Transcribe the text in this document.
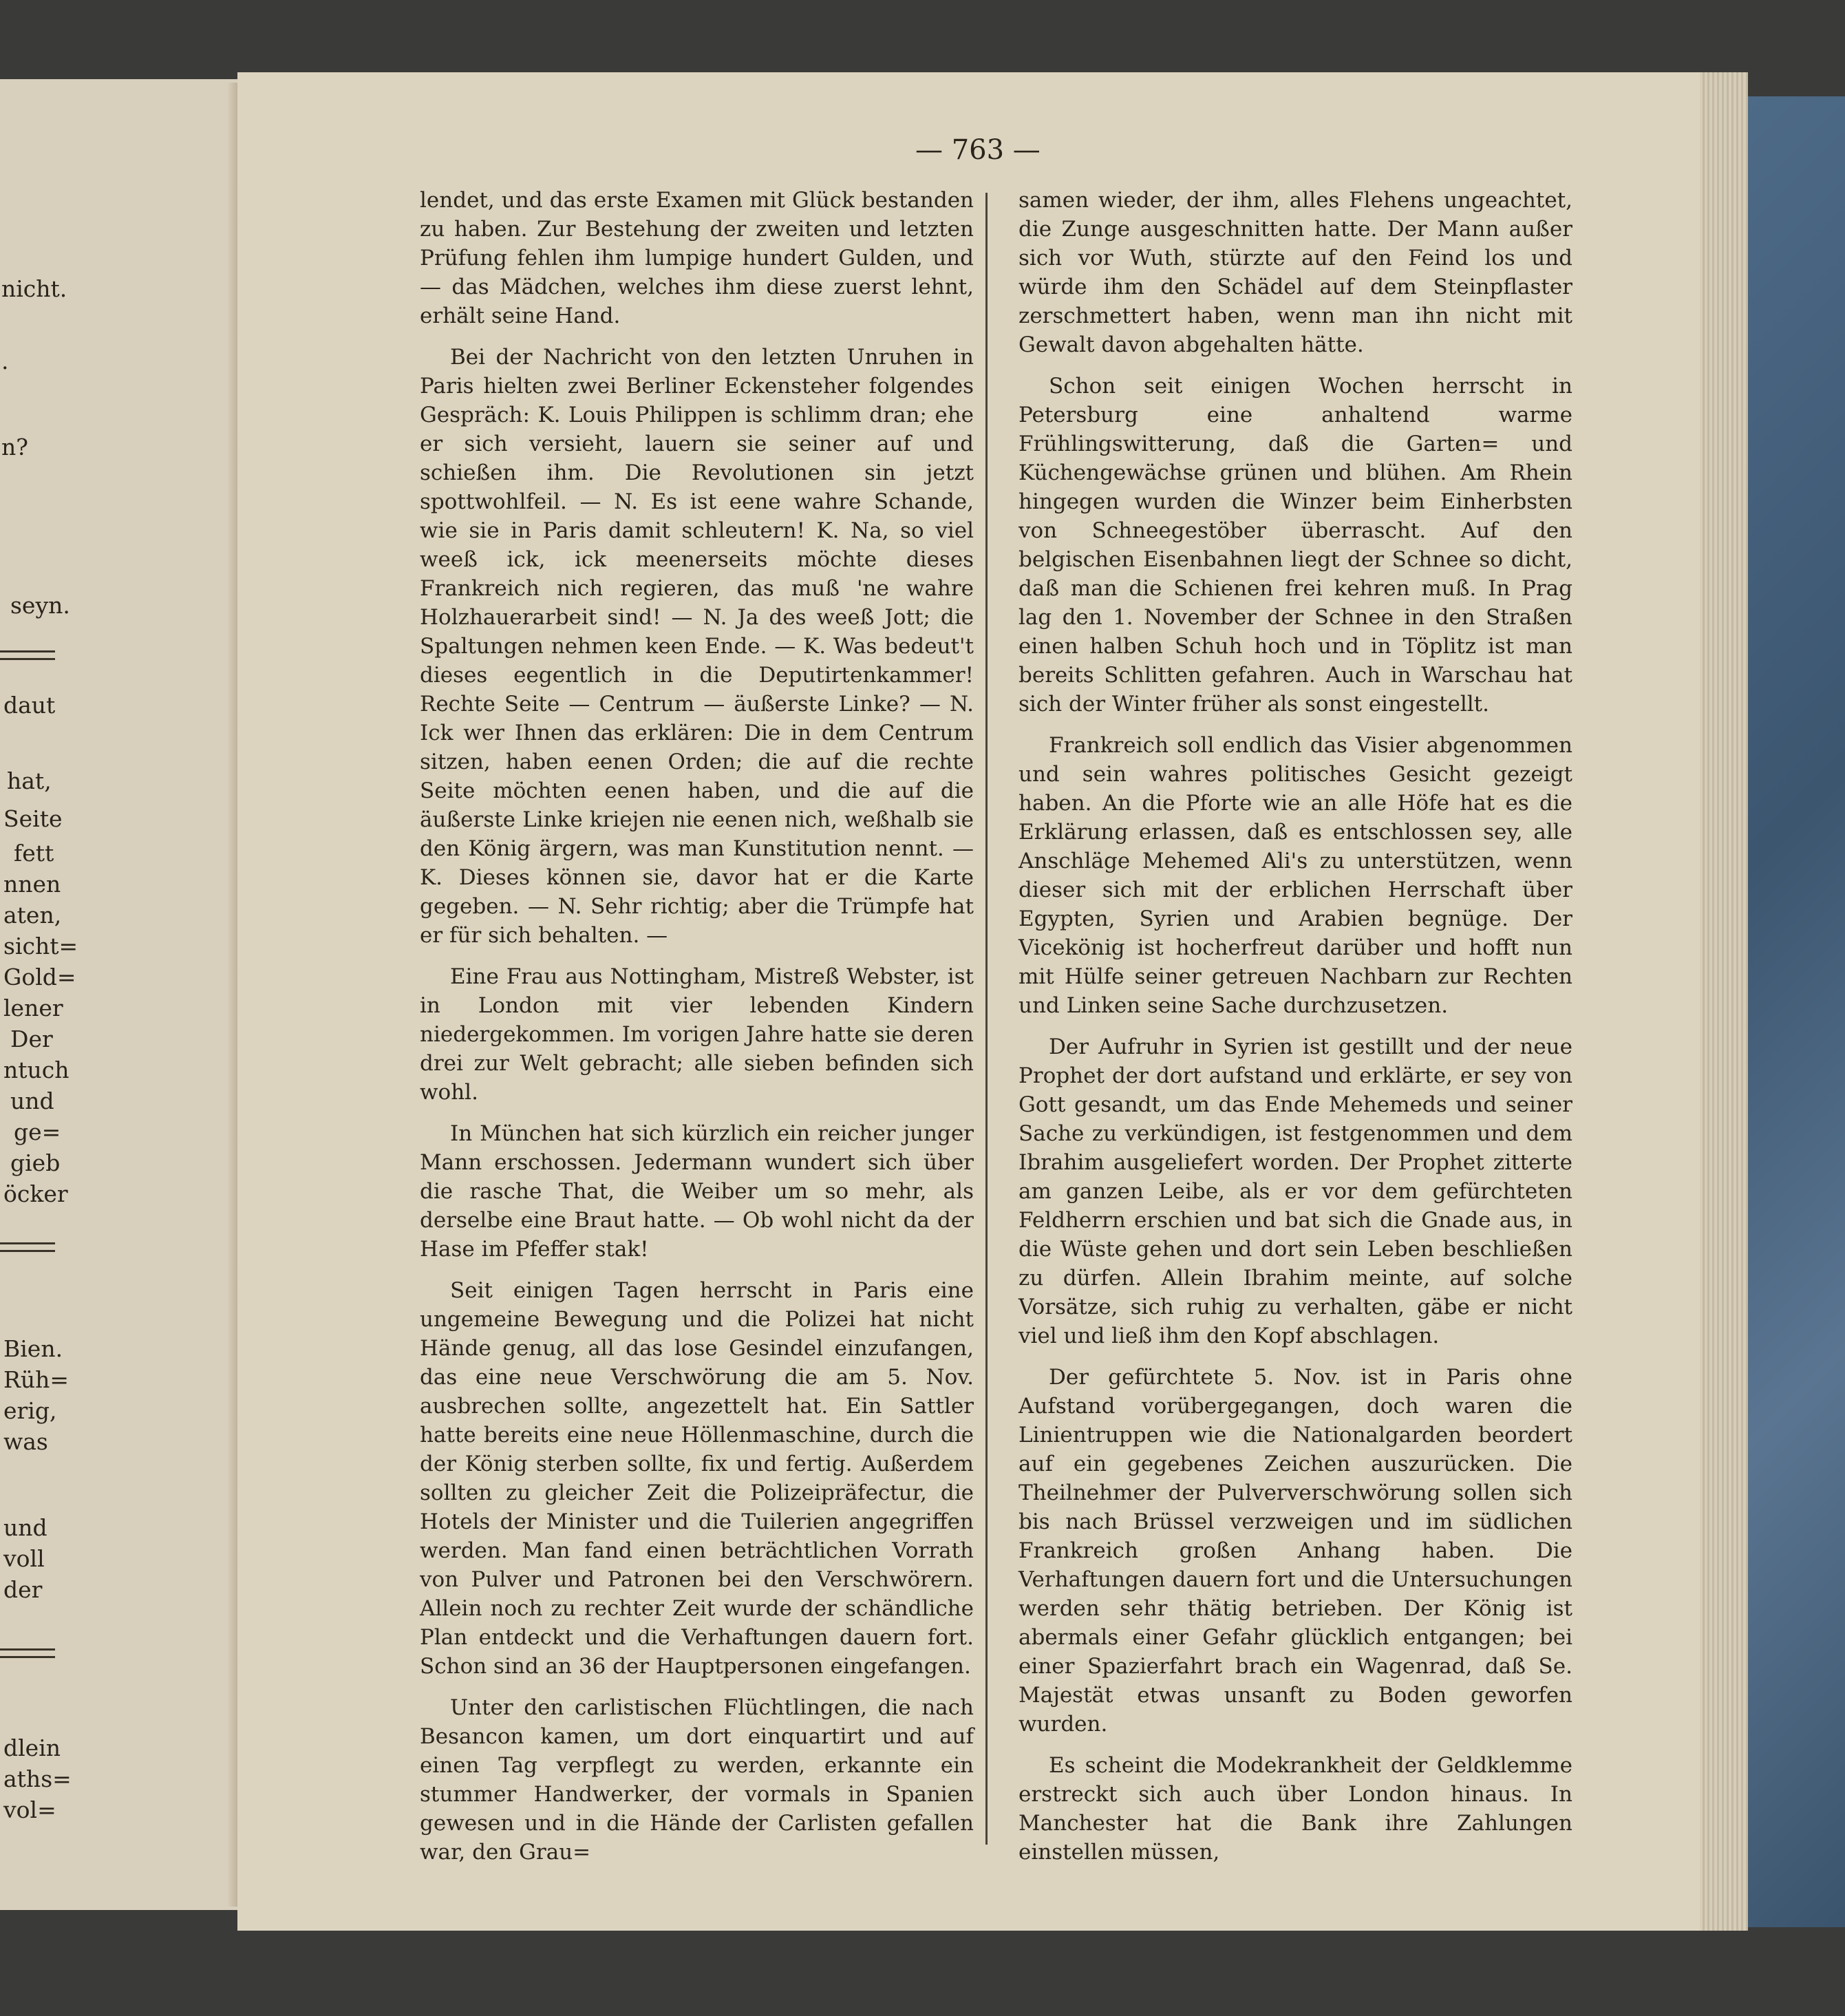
nicht.
.
n?
seyn.
daut
hat,
Seite
fett
nnen
aten,
sicht=
Gold=
lener
Der
ntuch
und
ge=
gieb
öcker
Bien.
Rüh=
erig,
was
und
voll
der
dlein
aths=
vol=
— 763 —

lendet, und das erste Examen mit Glück bestanden zu haben. Zur Bestehung der zweiten und letzten Prüfung fehlen ihm lumpige hundert Gulden, und — das Mädchen, welches ihm diese zuerst lehnt, erhält seine Hand.

Bei der Nachricht von den letzten Unruhen in Paris hielten zwei Berliner Eckensteher folgendes Gespräch: K. Louis Philippen is schlimm dran; ehe er sich versieht, lauern sie seiner auf und schießen ihm. Die Revolutionen sin jetzt spottwohlfeil. — N. Es ist eene wahre Schande, wie sie in Paris damit schleutern! K. Na, so viel weeß ick, ick meenerseits möchte dieses Frankreich nich regieren, das muß 'ne wahre Holzhauerarbeit sind! — N. Ja des weeß Jott; die Spaltungen nehmen keen Ende. — K. Was bedeut't dieses eegentlich in die Deputirtenkammer! Rechte Seite — Centrum — äußerste Linke? — N. Ick wer Ihnen das erklären: Die in dem Centrum sitzen, haben eenen Orden; die auf die rechte Seite möchten eenen haben, und die auf die äußerste Linke kriejen nie eenen nich, weßhalb sie den König ärgern, was man Kunstitution nennt. — K. Dieses können sie, davor hat er die Karte gegeben. — N. Sehr richtig; aber die Trümpfe hat er für sich behalten. —

Eine Frau aus Nottingham, Mistreß Webster, ist in London mit vier lebenden Kindern niedergekommen. Im vorigen Jahre hatte sie deren drei zur Welt gebracht; alle sieben befinden sich wohl.

In München hat sich kürzlich ein reicher junger Mann erschossen. Jedermann wundert sich über die rasche That, die Weiber um so mehr, als derselbe eine Braut hatte. — Ob wohl nicht da der Hase im Pfeffer stak!

Seit einigen Tagen herrscht in Paris eine ungemeine Bewegung und die Polizei hat nicht Hände genug, all das lose Gesindel einzufangen, das eine neue Verschwörung die am 5. Nov. ausbrechen sollte, angezettelt hat. Ein Sattler hatte bereits eine neue Höllenmaschine, durch die der König sterben sollte, fix und fertig. Außerdem sollten zu gleicher Zeit die Polizeipräfectur, die Hotels der Minister und die Tuilerien angegriffen werden. Man fand einen beträchtlichen Vorrath von Pulver und Patronen bei den Verschwörern. Allein noch zu rechter Zeit wurde der schändliche Plan entdeckt und die Verhaftungen dauern fort. Schon sind an 36 der Hauptpersonen eingefangen.

Unter den carlistischen Flüchtlingen, die nach Besancon kamen, um dort einquartirt und auf einen Tag verpflegt zu werden, erkannte ein stummer Handwerker, der vormals in Spanien gewesen und in die Hände der Carlisten gefallen war, den Grau=

samen wieder, der ihm, alles Flehens ungeachtet, die Zunge ausgeschnitten hatte. Der Mann außer sich vor Wuth, stürzte auf den Feind los und würde ihm den Schädel auf dem Steinpflaster zerschmettert haben, wenn man ihn nicht mit Gewalt davon abgehalten hätte.

Schon seit einigen Wochen herrscht in Petersburg eine anhaltend warme Frühlingswitterung, daß die Garten= und Küchengewächse grünen und blühen. Am Rhein hingegen wurden die Winzer beim Einherbsten von Schneegestöber überrascht. Auf den belgischen Eisenbahnen liegt der Schnee so dicht, daß man die Schienen frei kehren muß. In Prag lag den 1. November der Schnee in den Straßen einen halben Schuh hoch und in Töplitz ist man bereits Schlitten gefahren. Auch in Warschau hat sich der Winter früher als sonst eingestellt.

Frankreich soll endlich das Visier abgenommen und sein wahres politisches Gesicht gezeigt haben. An die Pforte wie an alle Höfe hat es die Erklärung erlassen, daß es entschlossen sey, alle Anschläge Mehemed Ali's zu unterstützen, wenn dieser sich mit der erblichen Herrschaft über Egypten, Syrien und Arabien begnüge. Der Vicekönig ist hocherfreut darüber und hofft nun mit Hülfe seiner getreuen Nachbarn zur Rechten und Linken seine Sache durchzusetzen.

Der Aufruhr in Syrien ist gestillt und der neue Prophet der dort aufstand und erklärte, er sey von Gott gesandt, um das Ende Mehemeds und seiner Sache zu verkündigen, ist festgenommen und dem Ibrahim ausgeliefert worden. Der Prophet zitterte am ganzen Leibe, als er vor dem gefürchteten Feldherrn erschien und bat sich die Gnade aus, in die Wüste gehen und dort sein Leben beschließen zu dürfen. Allein Ibrahim meinte, auf solche Vorsätze, sich ruhig zu verhalten, gäbe er nicht viel und ließ ihm den Kopf abschlagen.

Der gefürchtete 5. Nov. ist in Paris ohne Aufstand vorübergegangen, doch waren die Linientruppen wie die Nationalgarden beordert auf ein gegebenes Zeichen auszurücken. Die Theilnehmer der Pulververschwörung sollen sich bis nach Brüssel verzweigen und im südlichen Frankreich großen Anhang haben. Die Verhaftungen dauern fort und die Untersuchungen werden sehr thätig betrieben. Der König ist abermals einer Gefahr glücklich entgangen; bei einer Spazierfahrt brach ein Wagenrad, daß Se. Majestät etwas unsanft zu Boden geworfen wurden.

Es scheint die Modekrankheit der Geldklemme erstreckt sich auch über London hinaus. In Manchester hat die Bank ihre Zahlungen einstellen müssen,
